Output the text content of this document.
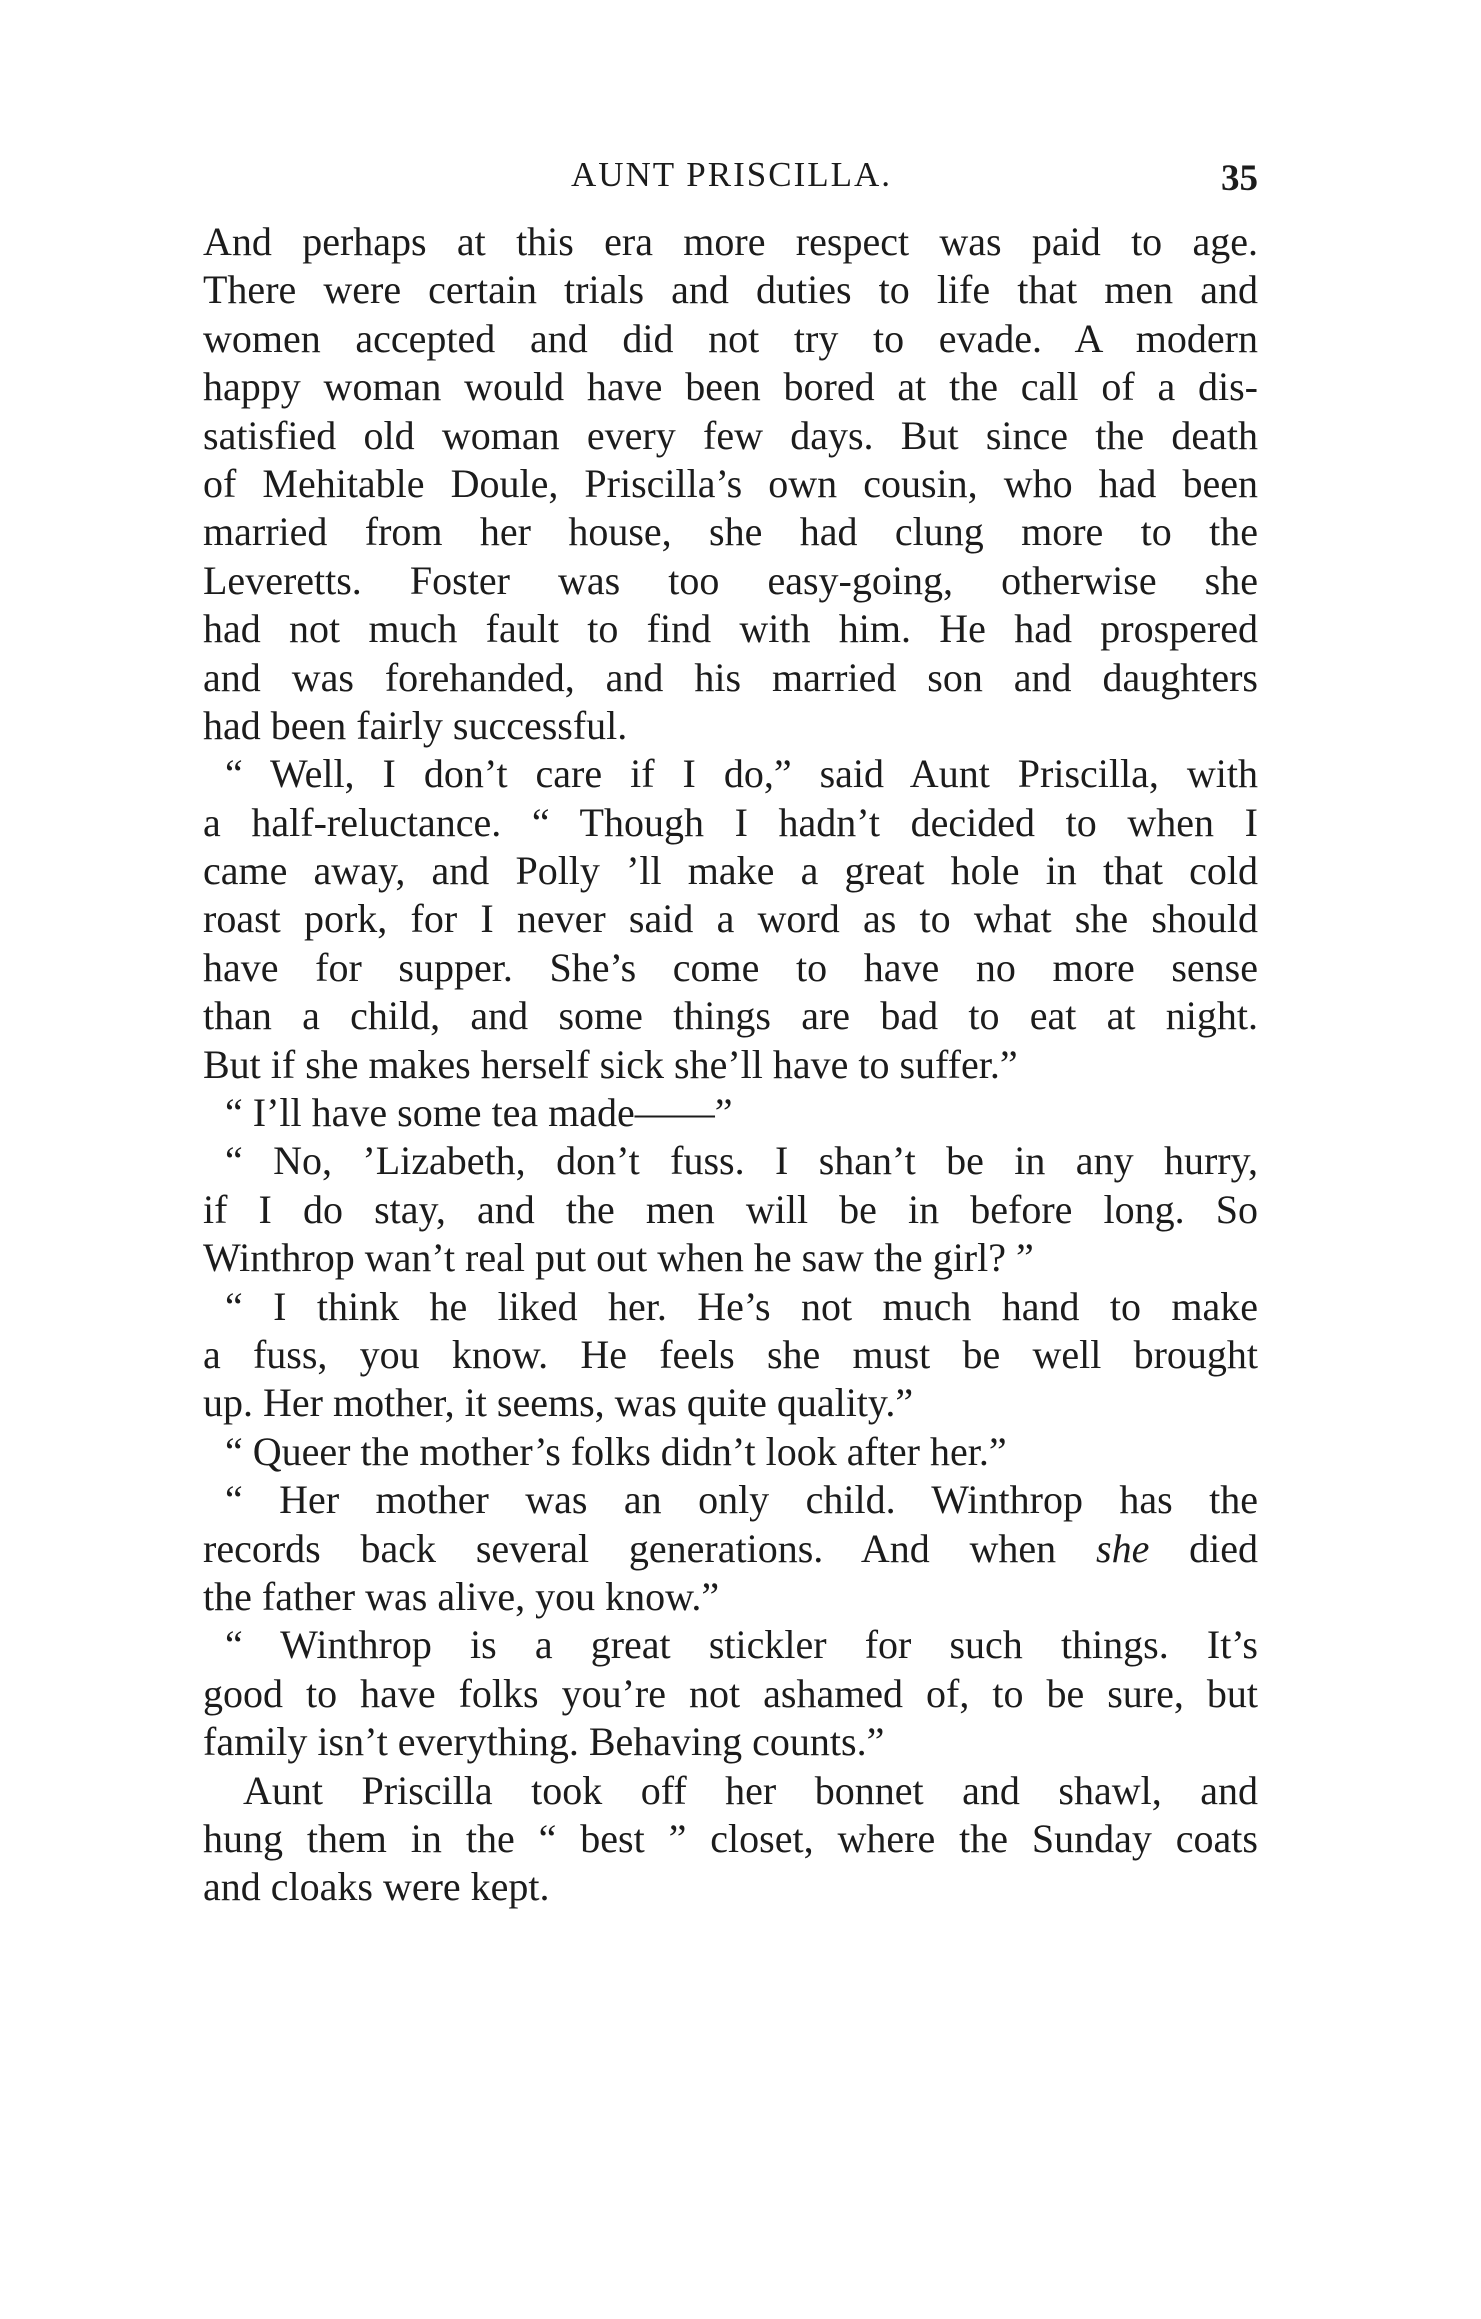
AUNT PRISCILLA.	35
And perhaps at this era more respect was paid to age.
There were certain trials and duties to life that men and
women accepted and did not try to evade. A modern
happy woman would have been bored at the call of a dis-
satisfied old woman every few days. But since the death
of Mehitable Doule, Priscilla’s own cousin, who had been
married from her house, she had clung more to the
Leveretts. Foster was too easy-going, otherwise she
had not much fault to find with him. He had prospered
and was forehanded, and his married son and daughters
had been fairly successful.
“ Well, I don’t care if I do,” said Aunt Priscilla, with
a half-reluctance. “ Though I hadn’t decided to when I
came away, and Polly ’ll make a great hole in that cold
roast pork, for I never said a word as to what she should
have for supper. She’s come to have no more sense
than a child, and some things are bad to eat at night.
But if she makes herself sick she’ll have to suffer.”
“ I’ll have some tea made——”
“ No, ’Lizabeth, don’t fuss. I shan’t be in any hurry,
if I do stay, and the men will be in before long. So
Winthrop wan’t real put out when he saw the girl? ”
“ I think he liked her. He’s not much hand to make
a fuss, you know. He feels she must be well brought
up. Her mother, it seems, was quite quality.”
“ Queer the mother’s folks didn’t look after her.”
“ Her mother was an only child. Winthrop has the
records back several generations. And when she died
the father was alive, you know.”
“ Winthrop is a great stickler for such things. It’s
good to have folks you’re not ashamed of, to be sure, but
family isn’t everything. Behaving counts.”
Aunt Priscilla took off her bonnet and shawl, and
hung them in the “ best ” closet, where the Sunday coats
and cloaks were kept.
